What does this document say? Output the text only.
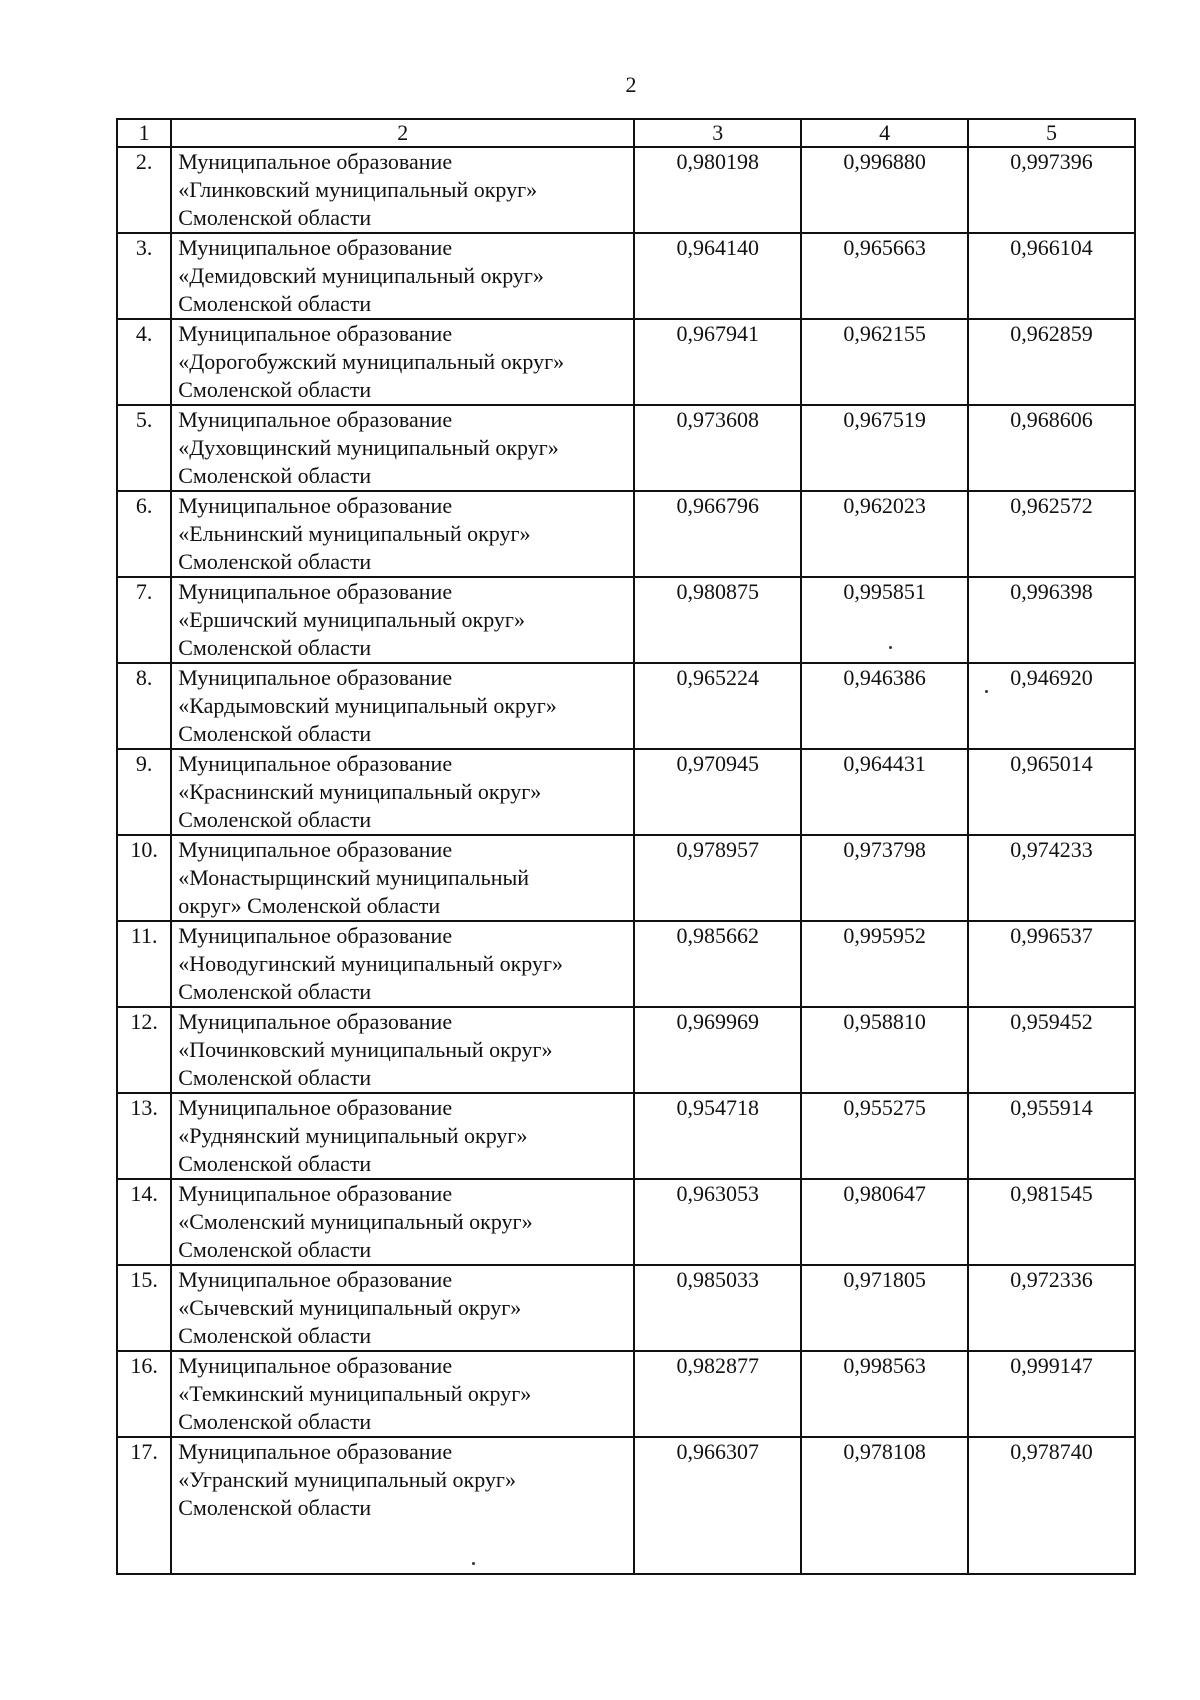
2
1	2	3	4	5
2.	Муниципальное образование
«Глинковский муниципальный округ»
Смоленской области	0,980198	0,996880	0,997396
3.	Муниципальное образование
«Демидовский муниципальный округ»
Смоленской области	0,964140	0,965663	0,966104
4.	Муниципальное образование
«Дорогобужский муниципальный округ»
Смоленской области	0,967941	0,962155	0,962859
5.	Муниципальное образование
«Духовщинский муниципальный округ»
Смоленской области	0,973608	0,967519	0,968606
6.	Муниципальное образование
«Ельнинский муниципальный округ»
Смоленской области	0,966796	0,962023	0,962572
7.	Муниципальное образование
«Ершичский муниципальный округ»
Смоленской области	0,980875	0,995851	0,996398
8.	Муниципальное образование
«Кардымовский муниципальный округ»
Смоленской области	0,965224	0,946386	0,946920
9.	Муниципальное образование
«Краснинский муниципальный округ»
Смоленской области	0,970945	0,964431	0,965014
10.	Муниципальное образование
«Монастырщинский муниципальный
округ» Смоленской области	0,978957	0,973798	0,974233
11.	Муниципальное образование
«Новодугинский муниципальный округ»
Смоленской области	0,985662	0,995952	0,996537
12.	Муниципальное образование
«Починковский муниципальный округ»
Смоленской области	0,969969	0,958810	0,959452
13.	Муниципальное образование
«Руднянский муниципальный округ»
Смоленской области	0,954718	0,955275	0,955914
14.	Муниципальное образование
«Смоленский муниципальный округ»
Смоленской области	0,963053	0,980647	0,981545
15.	Муниципальное образование
«Сычевский муниципальный округ»
Смоленской области	0,985033	0,971805	0,972336
16.	Муниципальное образование
«Темкинский муниципальный округ»
Смоленской области	0,982877	0,998563	0,999147
17.	Муниципальное образование
«Угранский муниципальный округ»
Смоленской области	0,966307	0,978108	0,978740
